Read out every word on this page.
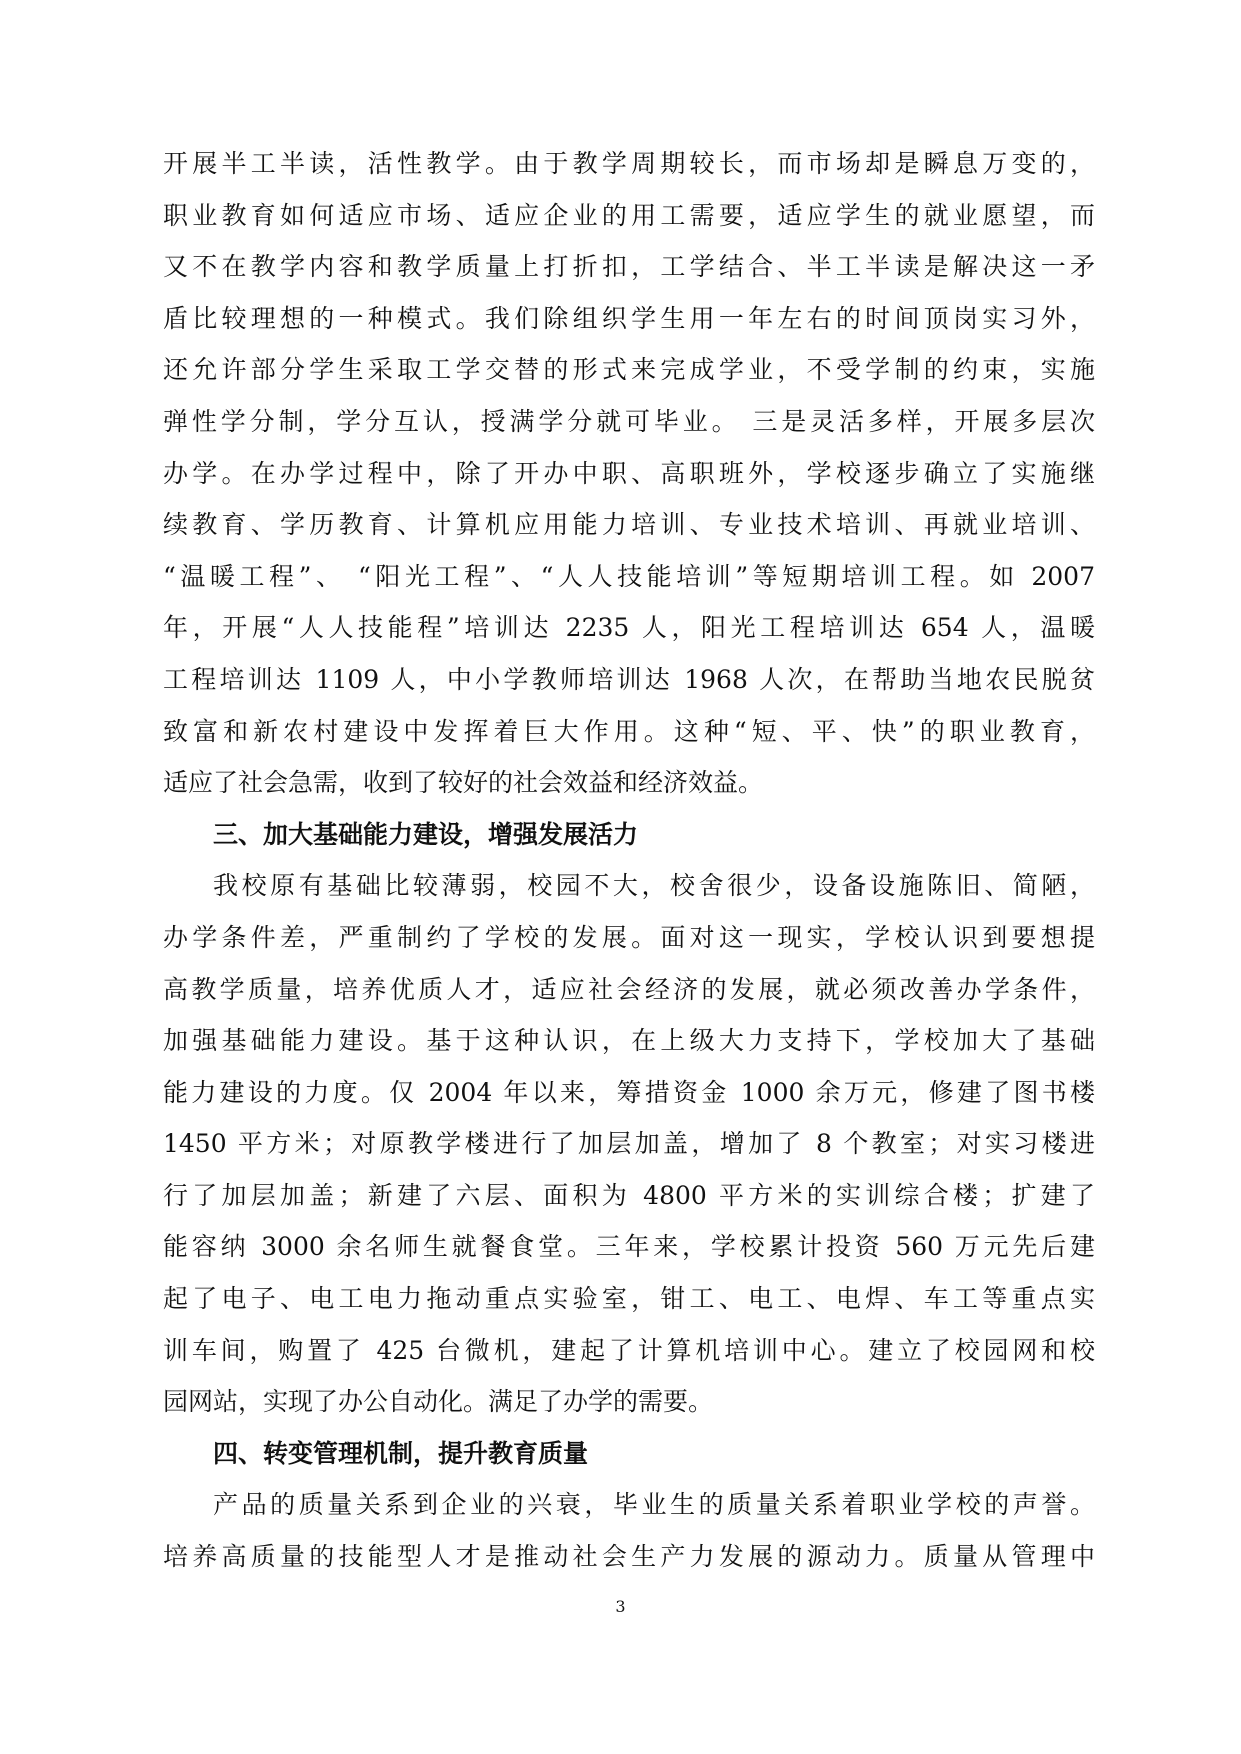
开展半工半读，活性教学。由于教学周期较长，而市场却是瞬息万变的，
职业教育如何适应市场、适应企业的用工需要，适应学生的就业愿望，而
又不在教学内容和教学质量上打折扣，工学结合、半工半读是解决这一矛
盾比较理想的一种模式。我们除组织学生用一年左右的时间顶岗实习外，
还允许部分学生采取工学交替的形式来完成学业，不受学制的约束，实施
弹性学分制，学分互认，授满学分就可毕业。 三是灵活多样，开展多层次
办学。在办学过程中，除了开办中职、高职班外，学校逐步确立了实施继
续教育、学历教育、计算机应用能力培训、专业技术培训、再就业培训、
“温暖工程”、 “阳光工程”、“人人技能培训”等短期培训工程。如 2007
年，开展“人人技能程”培训达 2235 人，阳光工程培训达 654 人，温暖
工程培训达 1109 人，中小学教师培训达 1968 人次，在帮助当地农民脱贫
致富和新农村建设中发挥着巨大作用。这种“短、平、快”的职业教育，
适应了社会急需，收到了较好的社会效益和经济效益。
三、加大基础能力建设，增强发展活力
我校原有基础比较薄弱，校园不大，校舍很少，设备设施陈旧、简陋，
办学条件差，严重制约了学校的发展。面对这一现实，学校认识到要想提
高教学质量，培养优质人才，适应社会经济的发展，就必须改善办学条件，
加强基础能力建设。基于这种认识，在上级大力支持下，学校加大了基础
能力建设的力度。仅 2004 年以来，筹措资金 1000 余万元，修建了图书楼
1450 平方米；对原教学楼进行了加层加盖，增加了 8 个教室；对实习楼进
行了加层加盖；新建了六层、面积为 4800 平方米的实训综合楼；扩建了
能容纳 3000 余名师生就餐食堂。三年来，学校累计投资 560 万元先后建
起了电子、电工电力拖动重点实验室，钳工、电工、电焊、车工等重点实
训车间，购置了 425 台微机，建起了计算机培训中心。建立了校园网和校
园网站，实现了办公自动化。满足了办学的需要。
四、转变管理机制，提升教育质量
产品的质量关系到企业的兴衰，毕业生的质量关系着职业学校的声誉。
培养高质量的技能型人才是推动社会生产力发展的源动力。质量从管理中
3
